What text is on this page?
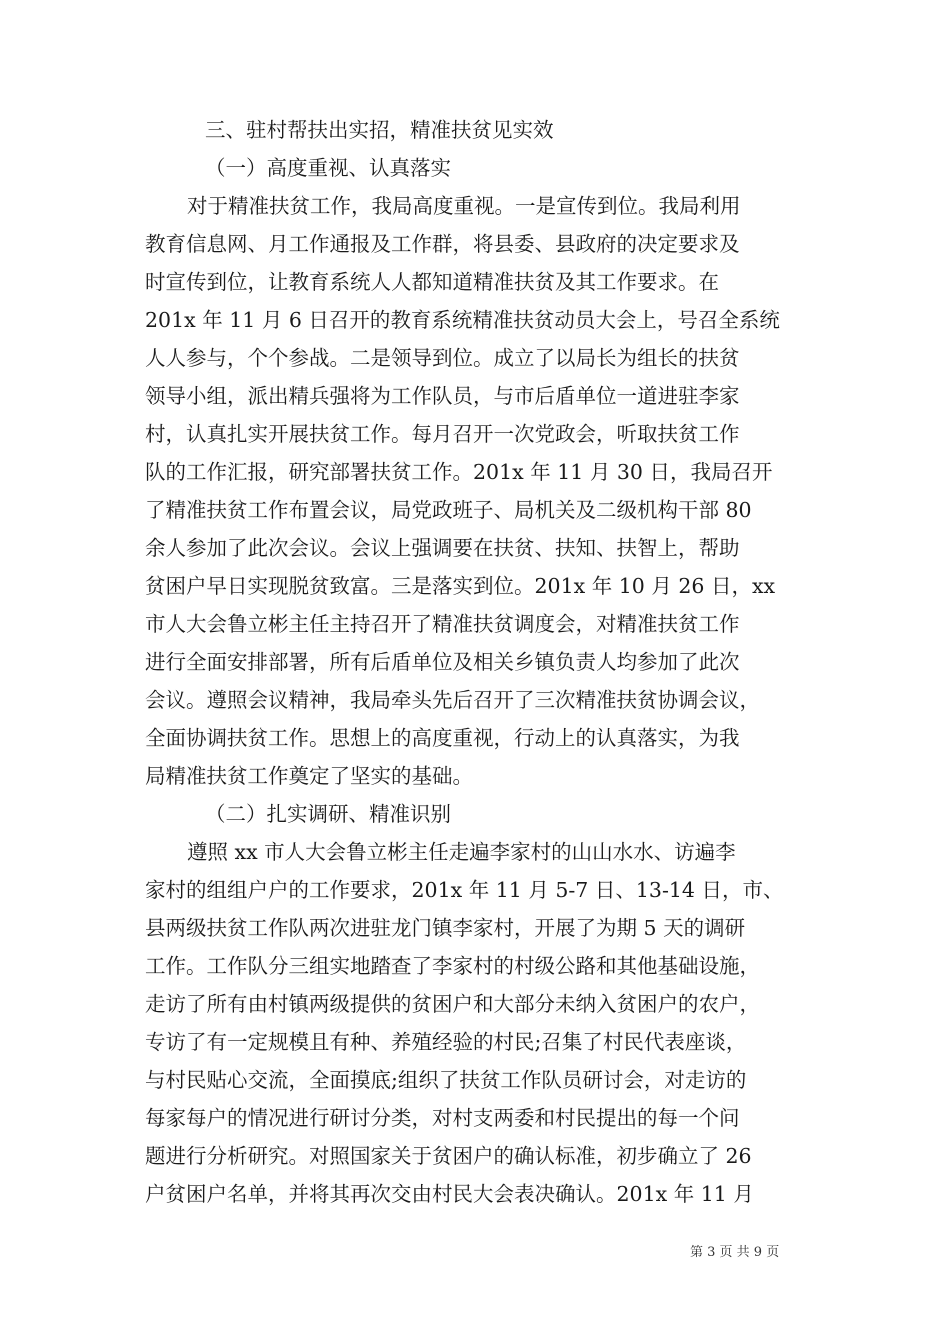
三、驻村帮扶出实招，精准扶贫见实效
（一）高度重视、认真落实
对于精准扶贫工作，我局高度重视。一是宣传到位。我局利用
教育信息网、月工作通报及工作群，将县委、县政府的决定要求及
时宣传到位，让教育系统人人都知道精准扶贫及其工作要求。在
201x 年 11 月 6 日召开的教育系统精准扶贫动员大会上，号召全系统
人人参与，个个参战。二是领导到位。成立了以局长为组长的扶贫
领导小组，派出精兵强将为工作队员，与市后盾单位一道进驻李家
村，认真扎实开展扶贫工作。每月召开一次党政会，听取扶贫工作
队的工作汇报，研究部署扶贫工作。201x 年 11 月 30 日，我局召开
了精准扶贫工作布置会议，局党政班子、局机关及二级机构干部 80
余人参加了此次会议。会议上强调要在扶贫、扶知、扶智上，帮助
贫困户早日实现脱贫致富。三是落实到位。201x 年 10 月 26 日，xx
市人大会鲁立彬主任主持召开了精准扶贫调度会，对精准扶贫工作
进行全面安排部署，所有后盾单位及相关乡镇负责人均参加了此次
会议。遵照会议精神，我局牵头先后召开了三次精准扶贫协调会议，
全面协调扶贫工作。思想上的高度重视，行动上的认真落实，为我
局精准扶贫工作奠定了坚实的基础。
（二）扎实调研、精准识别
遵照 xx 市人大会鲁立彬主任走遍李家村的山山水水、访遍李
家村的组组户户的工作要求，201x 年 11 月 5-7 日、13-14 日，市、
县两级扶贫工作队两次进驻龙门镇李家村，开展了为期 5 天的调研
工作。工作队分三组实地踏查了李家村的村级公路和其他基础设施，
走访了所有由村镇两级提供的贫困户和大部分未纳入贫困户的农户，
专访了有一定规模且有种、养殖经验的村民;召集了村民代表座谈，
与村民贴心交流，全面摸底;组织了扶贫工作队员研讨会，对走访的
每家每户的情况进行研讨分类，对村支两委和村民提出的每一个问
题进行分析研究。对照国家关于贫困户的确认标准，初步确立了 26
户贫困户名单，并将其再次交由村民大会表决确认。201x 年 11 月
第 3 页 共 9 页
